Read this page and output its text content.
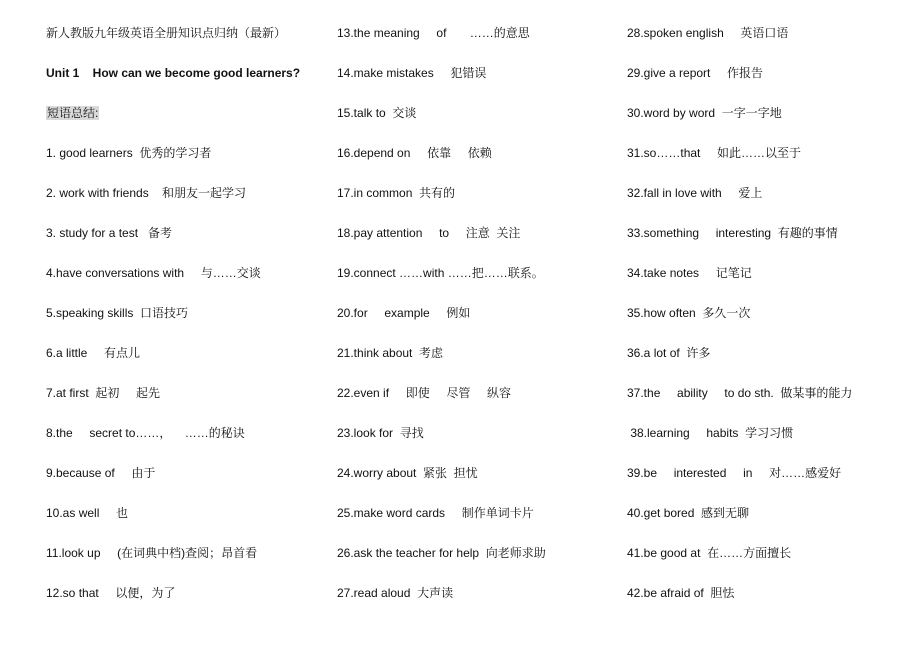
新人教版九年级英语全册知识点归纳（最新）
Unit 1    How can we become good learners?
短语总结:
1. good learners  优秀的学习者
2. work with friends    和朋友一起学习
3. study for a test   备考
4.have conversations with     与……交谈
5.speaking skills  口语技巧
6.a little     有点儿
7.at first  起初     起先
8.the     secret to……，    ……的秘诀
9.because of     由于
10.as well     也
11.look up     (在词典中档)查阅；昂首看
12.so that     以便，为了
13.the meaning     of       ……的意思
14.make mistakes     犯错误
15.talk to  交谈
16.depend on     依靠     依赖
17.in common  共有的
18.pay attention     to     注意  关注
19.connect ……with ……把……联系。
20.for     example     例如
21.think about  考虑
22.even if     即使     尽管     纵容
23.look for  寻找
24.worry about  紧张  担忧
25.make word cards     制作单词卡片
26.ask the teacher for help  向老师求助
27.read aloud  大声读
28.spoken english     英语口语
29.give a report     作报告
30.word by word  一字一字地
31.so……that     如此……以至于
32.fall in love with     爱上
33.something     interesting  有趣的事情
34.take notes     记笔记
35.how often  多久一次
36.a lot of  许多
37.the     ability     to do sth.  做某事的能力
38.learning     habits  学习习惯
39.be     interested     in     对……感爱好
40.get bored  感到无聊
41.be good at  在……方面擅长
42.be afraid of  胆怯
